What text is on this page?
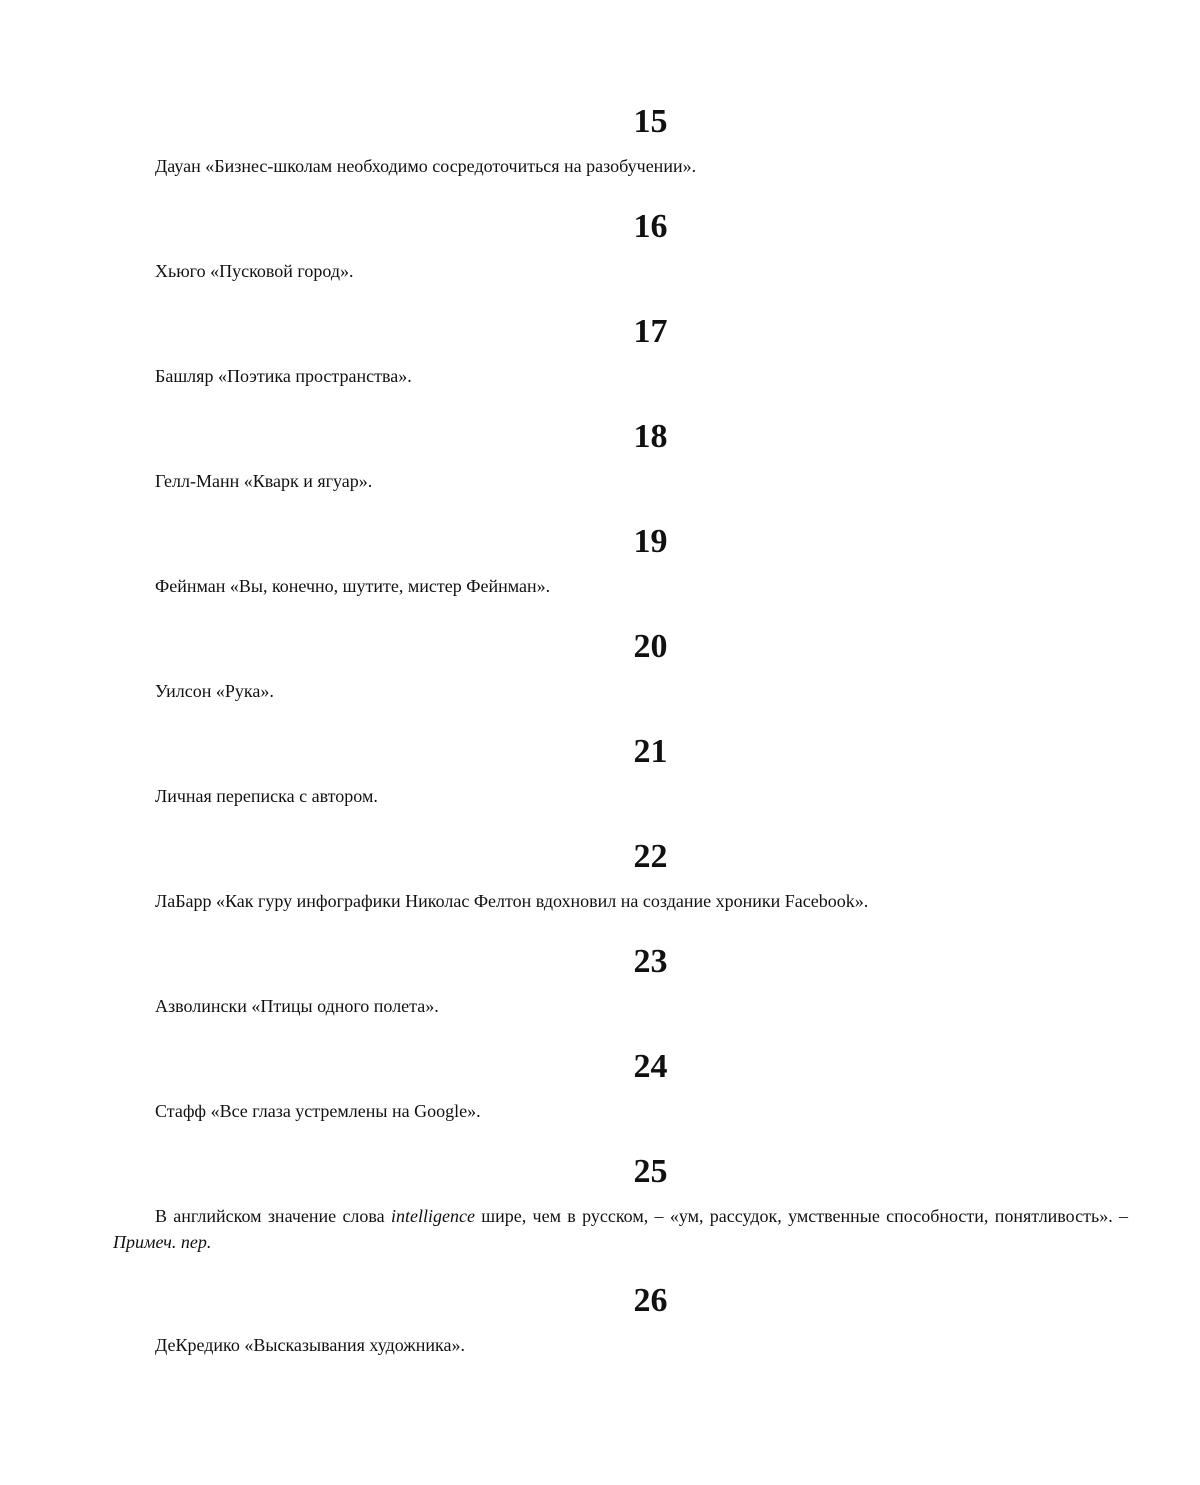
15

Дауан «Бизнес-школам необходимо сосредоточиться на разобучении».

16

Хьюго «Пусковой город».

17

Башляр «Поэтика пространства».

18

Гелл-Манн «Кварк и ягуар».

19

Фейнман «Вы, конечно, шутите, мистер Фейнман».

20

Уилсон «Рука».

21

Личная переписка с автором.

22

ЛаБарр «Как гуру инфографики Николас Фелтон вдохновил на создание хроники Facebook».

23

Азволински «Птицы одного полета».

24

Стафф «Все глаза устремлены на Google».

25

В английском значение слова intelligence шире, чем в русском, – «ум, рассудок, умственные способности, понятливость». – Примеч. пер.

26

ДеКредико «Высказывания художника».
